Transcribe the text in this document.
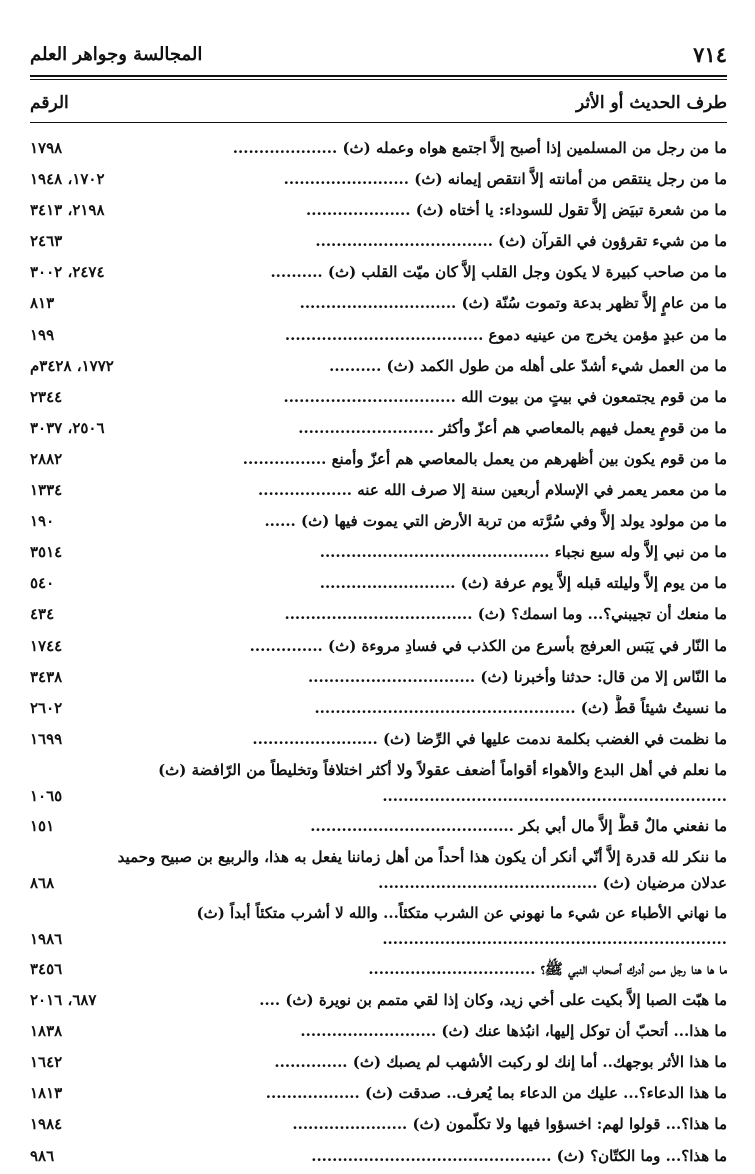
٧١٤
المجالسة وجواهر العلم
طرف الحديث أو الأثر
الرقم
ما من رجل من المسلمين إذا أصبح إلاَّ اجتمع هواه وعمله (ث) ....................
١٧٩٨
ما من رجل ينتقص من أمانته إلاَّ انتقص إيمانه (ث) ........................
١٧٠٢، ١٩٤٨
ما من شعرة تبيَض إلاَّ تقول للسوداء: يا أختاه (ث) ....................
٢١٩٨، ٣٤١٣
ما من شيء تقرؤون في القرآن (ث) ..................................
٢٤٦٣
ما من صاحب كبيرة لا يكون وجل القلب إلاَّ كان ميّت القلب (ث) ..........
٢٤٧٤، ٣٠٠٢
ما من عامٍ إلاَّ تظهر بدعة وتموت سُنّة (ث) ..............................
٨١٣
ما من عبدٍ مؤمن يخرج من عينيه دموع ......................................
١٩٩
ما من العمل شيء أشدّ على أهله من طول الكمد (ث) ..........
١٧٧٢، ٣٤٢٨م
ما من قوم يجتمعون في بيتٍ من بيوت الله .................................
٢٣٤٤
ما من قومٍ يعمل فيهم بالمعاصي هم أعزّ وأكثر ..........................
٢٥٠٦، ٣٠٣٧
ما من قوم يكون بين أظهرهم من يعمل بالمعاصي هم أعزّ وأمنع ................
٢٨٨٢
ما من معمر يعمر في الإسلام أربعين سنة إلا صرف الله عنه ..................
١٣٣٤
ما من مولود يولد إلاَّ وفي سُرَّته من تربة الأرض التي يموت فيها (ث) ......
١٩٠
ما من نبي إلاَّ وله سبع نجباء ............................................
٣٥١٤
ما من يوم إلاَّ وليلته قبله إلاَّ يوم عرفة (ث) ..........................
٥٤٠
ما منعك أن تجيبني؟... وما اسمك؟ (ث) ....................................
٤٣٤
ما النّار في يَبَس العرفج بأسرع من الكذب في فسادِ مروءة (ث) ..............
١٧٤٤
ما النّاس إلا من قال: حدثنا وأخبرنا (ث) ................................
٣٤٣٨
ما نسيتُ شيئاً قطُّ (ث) ..................................................
٢٦٠٢
ما نظمت في الغضب بكلمة ندمت عليها في الرِّضا (ث) ........................
١٦٩٩
ما نعلم في أهل البدع والأهواء أقواماً أضعف عقولاً ولا أكثر اختلافاً وتخليطاً من الرّافضة (ث) ..................................................................
١٠٦٥
ما نفعني مالٌ قطُّ إلاَّ مال أبي بكر .......................................
١٥١
ما ننكر لله قدرة إلاَّ أنّي أنكر أن يكون هذا أحداً من أهل زماننا يفعل به هذا، والربيع بن صبيح وحميد عدلان مرضيان (ث) ..........................................
٨٦٨
ما نهاني الأطباء عن شيء ما نهوني عن الشرب متكئاً... والله لا أشرب متكئاً أبداً (ث) ..................................................................
١٩٨٦
ما ها هنا رجل ممن أدرك أصحاب النبي ﷺ؟ ................................
٣٤٥٦
ما هبّت الصبا إلاَّ بكيت على أخي زيد، وكان إذا لقي متمم بن نويرة (ث) ....
٦٨٧، ٢٠١٦
ما هذا... أتحبّ أن توكل إليها، انبُذها عنك (ث) ..........................
١٨٣٨
ما هذا الأثر بوجهك.. أما إنك لو ركبت الأشهب لم يصبك (ث) ..............
١٦٤٢
ما هذا الدعاء؟... عليك من الدعاء بما يُعرف.. صدقت (ث) ..................
١٨١٣
ما هذا؟... قولوا لهم: اخسؤوا فيها ولا تكلّمون (ث) ......................
١٩٨٤
ما هذا؟... وما الكتّان؟ (ث) ..............................................
٩٨٦
